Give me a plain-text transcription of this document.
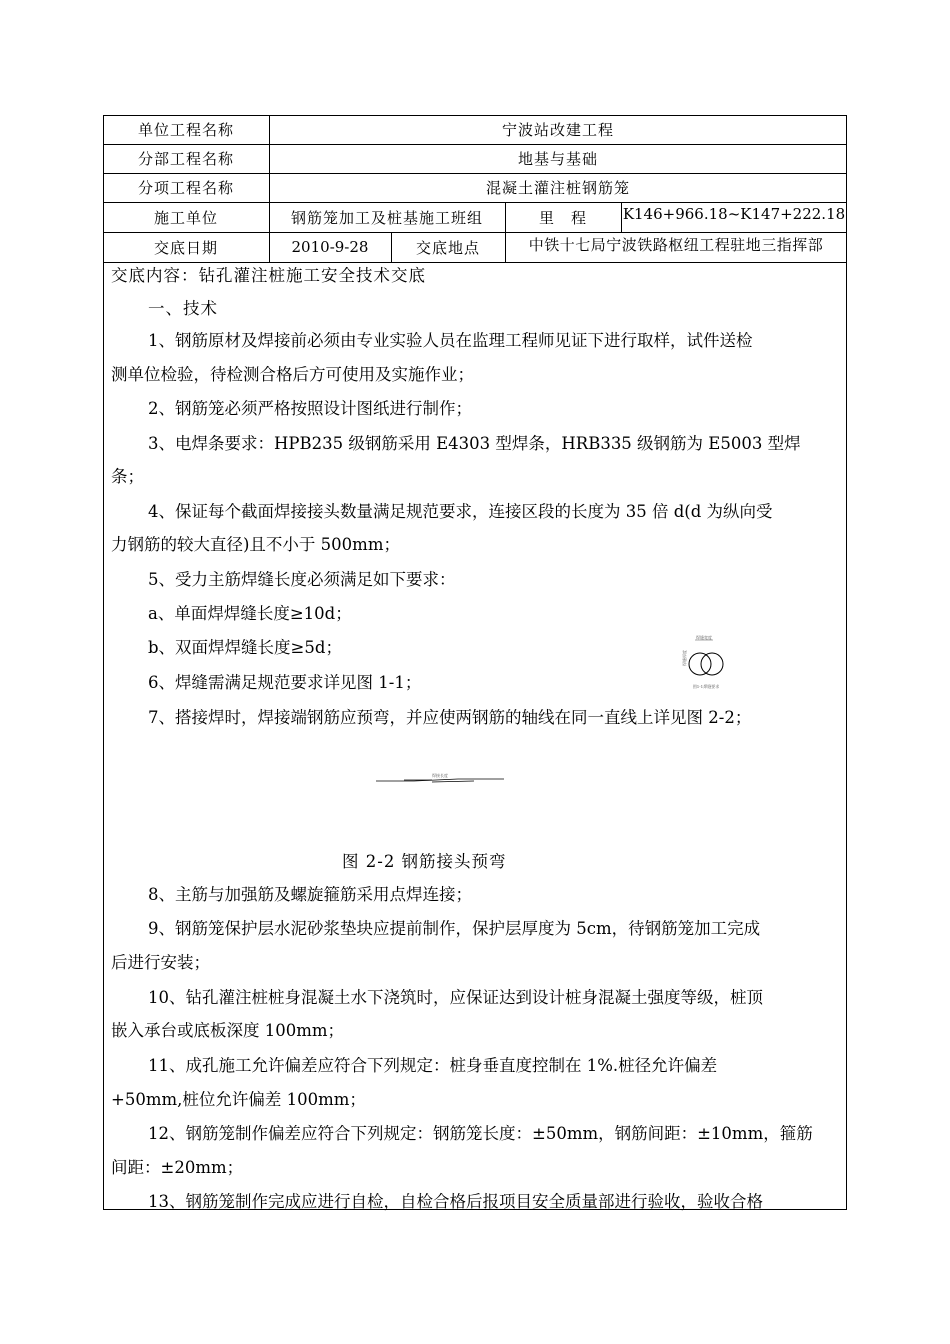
单位工程名称	宁波站改建工程
分部工程名称	地基与基础
分项工程名称	混凝土灌注桩钢筋笼
施工单位	钢筋笼加工及桩基施工班组	里　程	K146+966.18~K147+222.18
交底日期	2010-9-28	交底地点	中铁十七局宁波铁路枢纽工程驻地三指挥部
交底内容：钻孔灌注桩施工安全技术交底
一、技术
1、钢筋原材及焊接前必须由专业实验人员在监理工程师见证下进行取样，试件送检
测单位检验，待检测合格后方可使用及实施作业；
2、钢筋笼必须严格按照设计图纸进行制作；
3、电焊条要求：HPB235 级钢筋采用 E4303 型焊条，HRB335 级钢筋为 E5003 型焊
条；
4、保证每个截面焊接接头数量满足规范要求，连接区段的长度为 35 倍 d(d 为纵向受
力钢筋的较大直径)且不小于 500mm；
5、受力主筋焊缝长度必须满足如下要求：
a、单面焊焊缝长度≥10d；
b、双面焊焊缝长度≥5d；
6、焊缝需满足规范要求详见图 1-1；
7、搭接焊时，焊接端钢筋应预弯，并应使两钢筋的轴线在同一直线上详见图 2-2；
焊缝宽度
焊缝厚度
图1-1焊缝要求
焊接长度
图 2-2 钢筋接头预弯
8、主筋与加强筋及螺旋箍筋采用点焊连接；
9、钢筋笼保护层水泥砂浆垫块应提前制作，保护层厚度为 5cm，待钢筋笼加工完成
后进行安装；
10、钻孔灌注桩桩身混凝土水下浇筑时，应保证达到设计桩身混凝土强度等级，桩顶
嵌入承台或底板深度 100mm；
11、成孔施工允许偏差应符合下列规定：桩身垂直度控制在 1%.桩径允许偏差
+50mm,桩位允许偏差 100mm；
12、钢筋笼制作偏差应符合下列规定：钢筋笼长度：±50mm，钢筋间距：±10mm，箍筋
间距：±20mm；
13、钢筋笼制作完成应进行自检，自检合格后报项目安全质量部进行验收，验收合格
